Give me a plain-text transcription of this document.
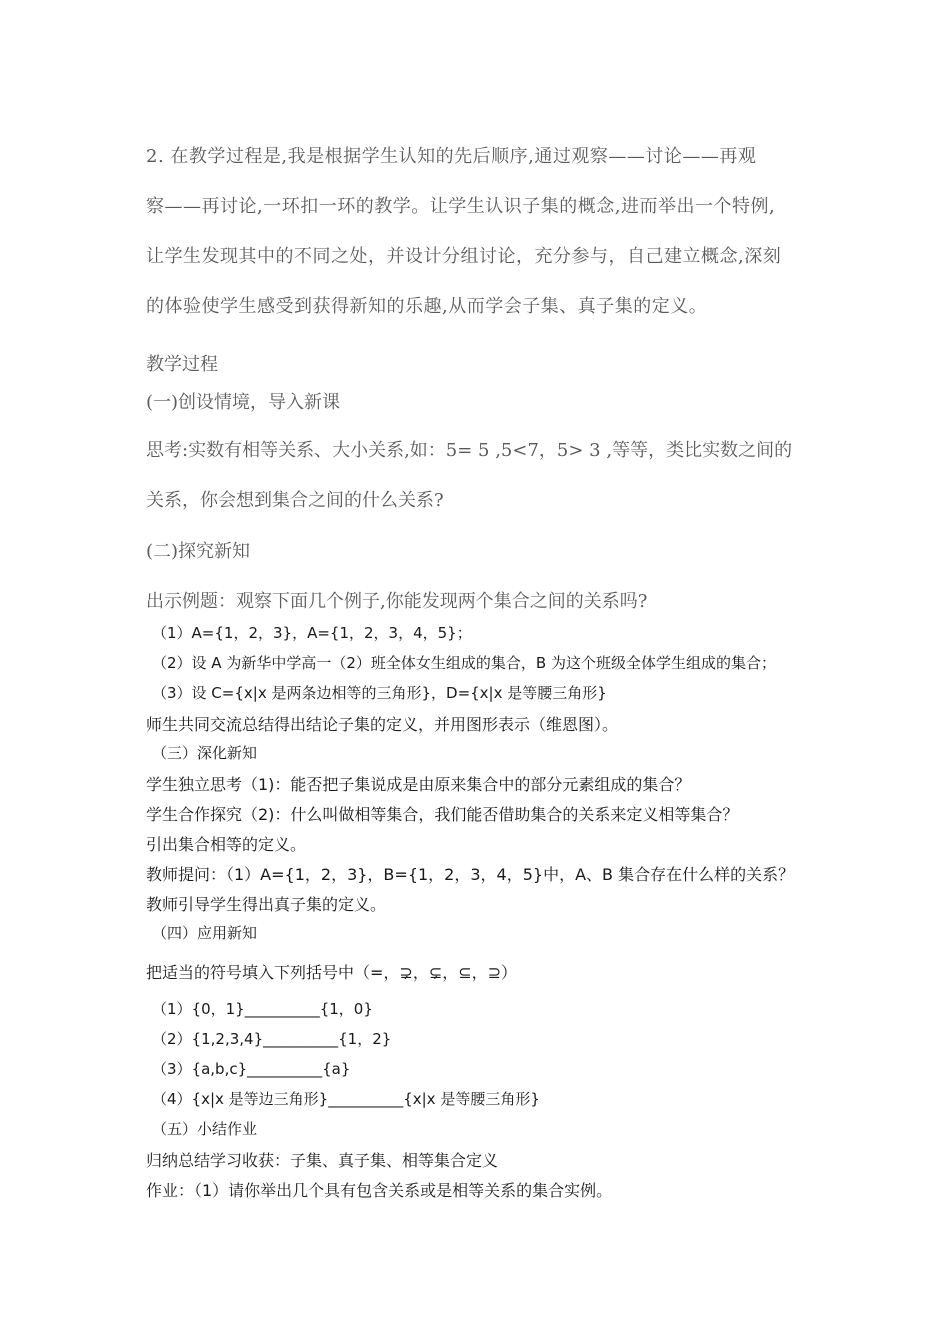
2. 在教学过程是,我是根据学生认知的先后顺序,通过观察——讨论——再观

察——再讨论,一环扣一环的教学。让学生认识子集的概念,进而举出一个特例,

让学生发现其中的不同之处，并设计分组讨论，充分参与，自己建立概念,深刻

的体验使学生感受到获得新知的乐趣,从而学会子集、真子集的定义。

教学过程
(一)创设情境，导入新课
思考:实数有相等关系、大小关系,如：5= 5 ,5<7，5> 3 ,等等，类比实数之间的
关系，你会想到集合之间的什么关系?
(二)探究新知
出示例题：观察下面几个例子,你能发现两个集合之间的关系吗?
（1）A={1，2，3}，A={1，2，3，4，5}；
（2）设 A 为新华中学高一（2）班全体女生组成的集合，B 为这个班级全体学生组成的集合；
（3）设 C={x|x 是两条边相等的三角形}，D={x|x 是等腰三角形}
师生共同交流总结得出结论子集的定义，并用图形表示（维恩图）。
（三）深化新知
学生独立思考（1)：能否把子集说成是由原来集合中的部分元素组成的集合？
学生合作探究（2)：什么叫做相等集合，我们能否借助集合的关系来定义相等集合？
引出集合相等的定义。
教师提问：（1）A={1，2，3}，B={1，2，3，4，5}中，A、B 集合存在什么样的关系？
教师引导学生得出真子集的定义。
（四）应用新知
把适当的符号填入下列括号中（=，⊋，⊊，⊆，⊇）
（1）{0，1}__________{1，0}
（2）{1,2,3,4}__________{1，2}
（3）{a,b,c}__________{a}
（4）{x|x 是等边三角形}__________{x|x 是等腰三角形}
（五）小结作业
归纳总结学习收获：子集、真子集、相等集合定义
作业：（1）请你举出几个具有包含关系或是相等关系的集合实例。
